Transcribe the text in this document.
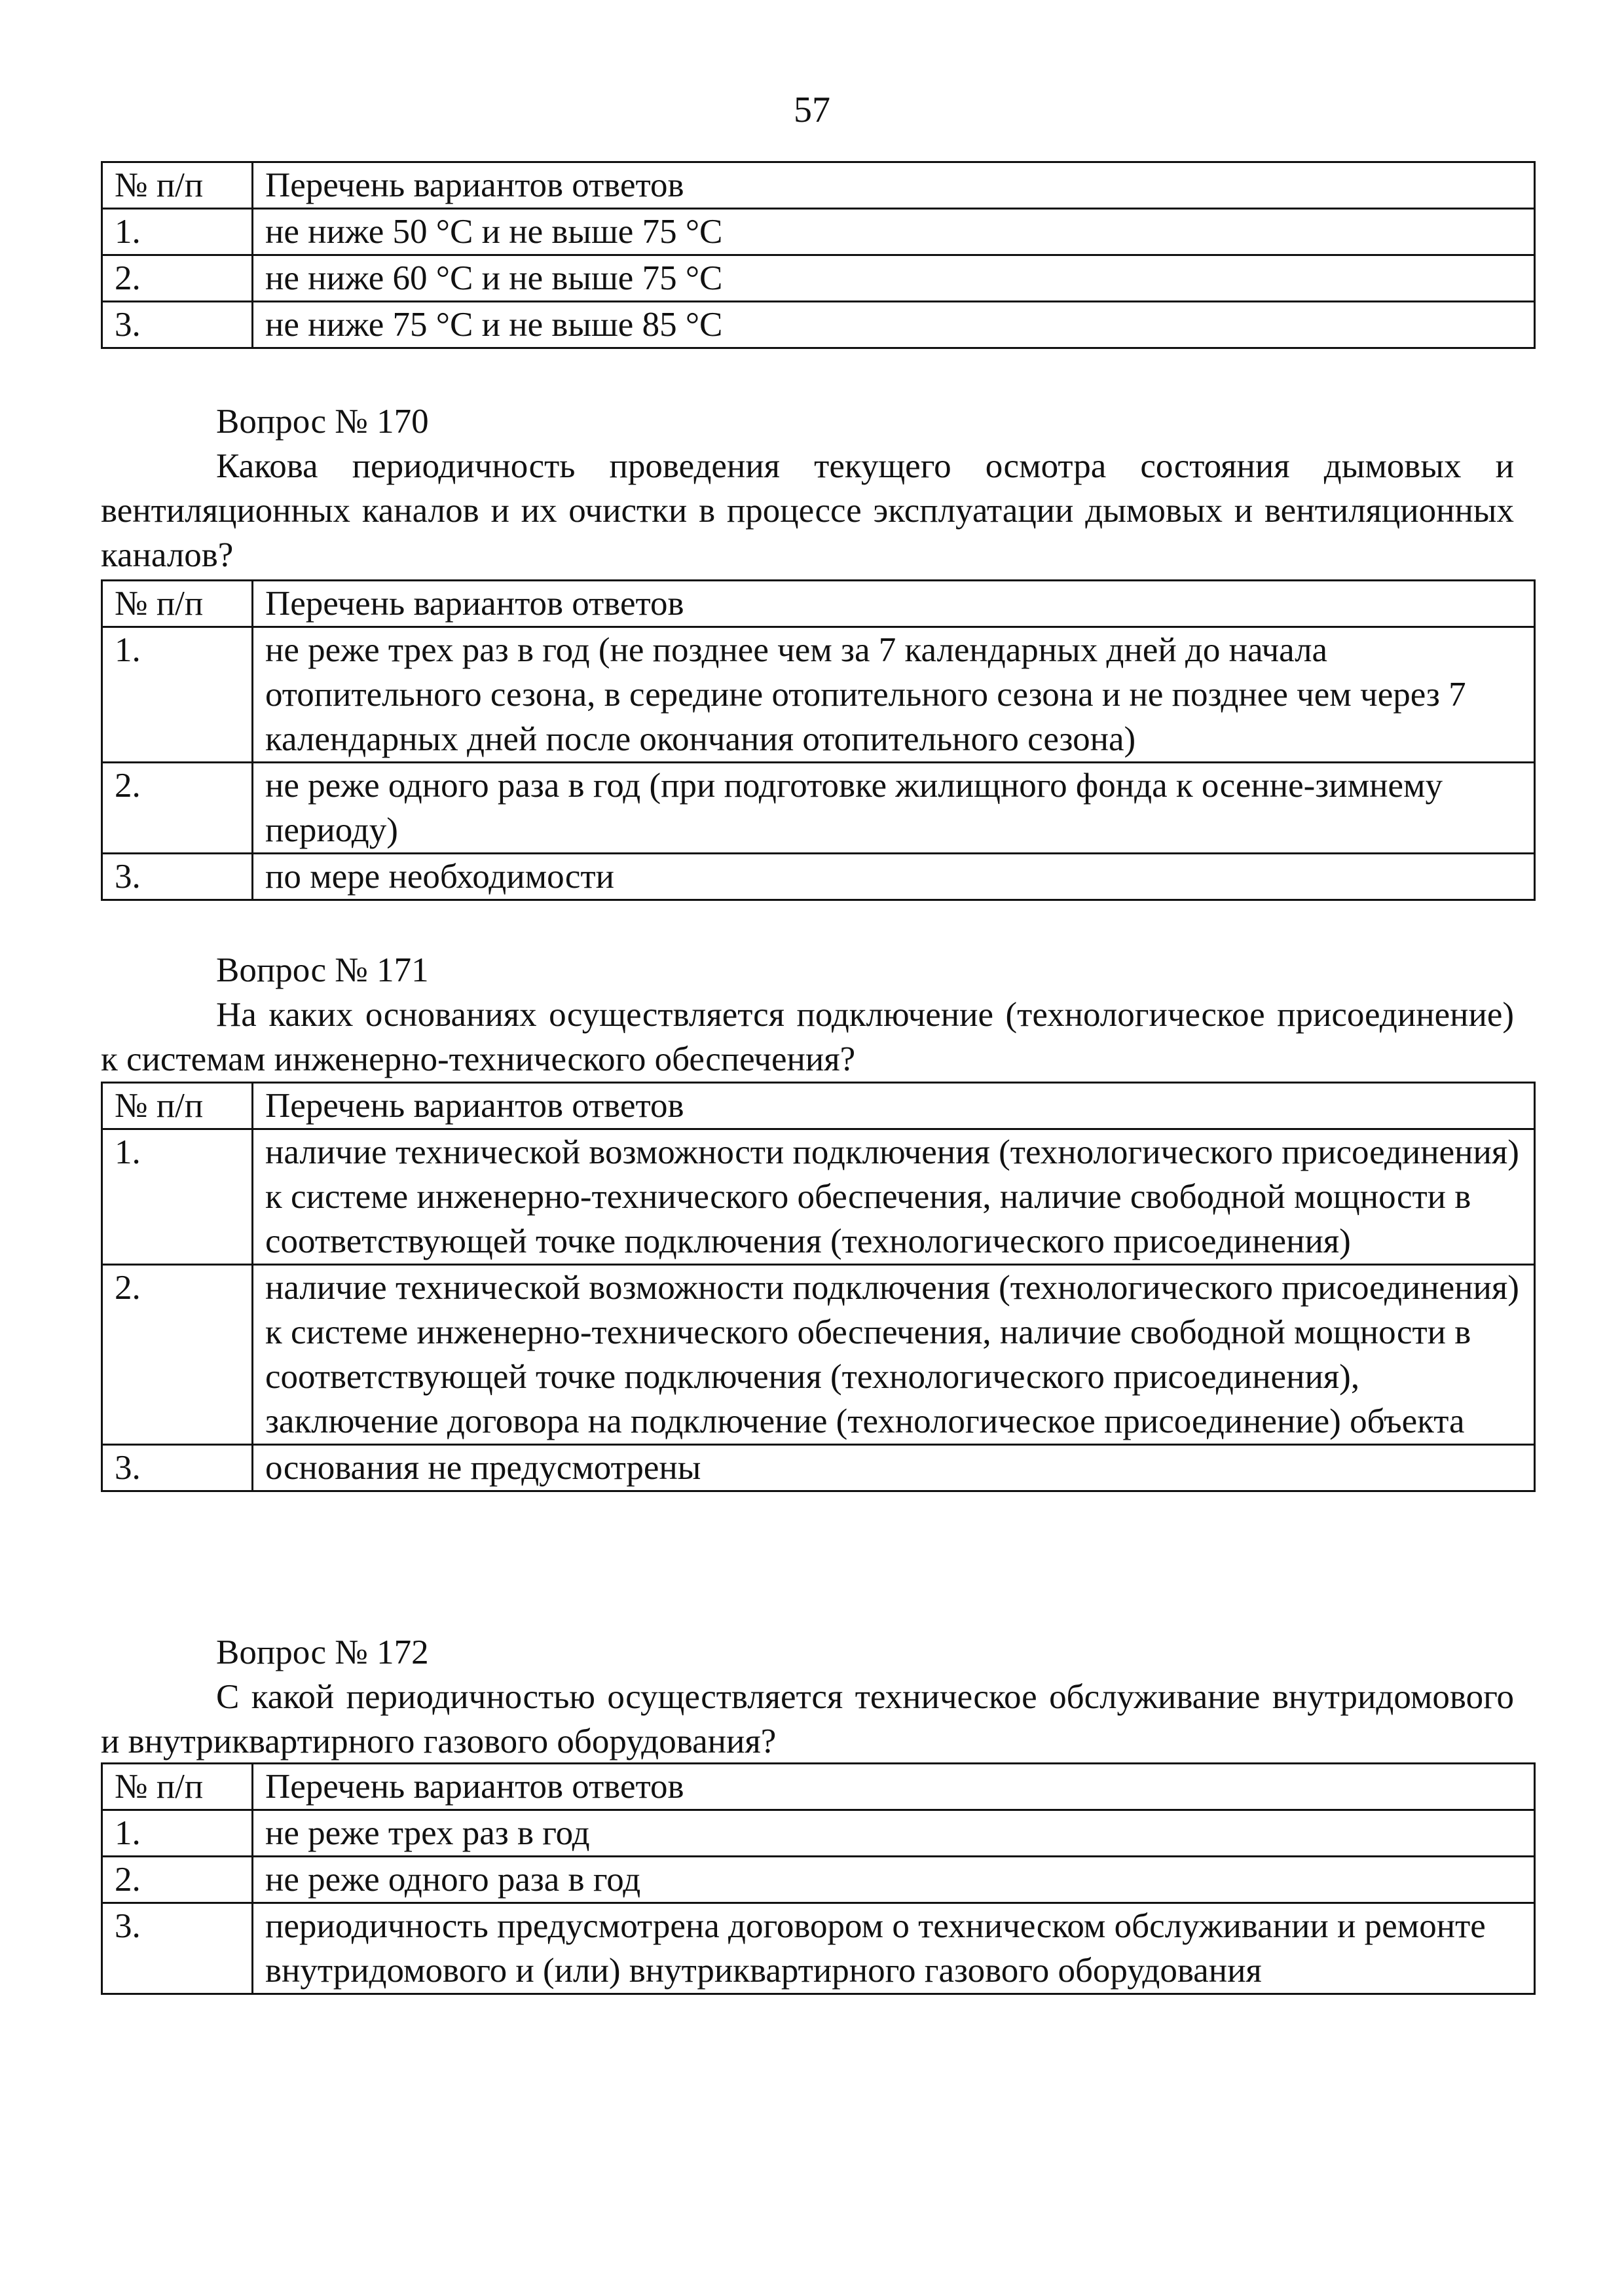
57
№ п/п	Перечень вариантов ответов
1.	не ниже 50 °С и не выше 75 °С
2.	не ниже 60 °С и не выше 75 °С
3.	не ниже 75 °С и не выше 85 °С
Вопрос № 170
Какова периодичность проведения текущего осмотра состояния дымовых и вентиляционных каналов и их очистки в процессе эксплуатации дымовых и вентиляционных каналов?
№ п/п	Перечень вариантов ответов
1.	не реже трех раз в год (не позднее чем за 7 календарных дней до начала отопительного сезона, в середине отопительного сезона и не позднее чем через 7 календарных дней после окончания отопительного сезона)
2.	не реже одного раза в год (при подготовке жилищного фонда к осенне-зимнему периоду)
3.	по мере необходимости
Вопрос № 171
На каких основаниях осуществляется подключение (технологическое присоединение) к системам инженерно-технического обеспечения?
№ п/п	Перечень вариантов ответов
1.	наличие технической возможности подключения (технологического присоединения) к системе инженерно-технического обеспечения, наличие свободной мощности в соответствующей точке подключения (технологического присоединения)
2.	наличие технической возможности подключения (технологического присоединения) к системе инженерно-технического обеспечения, наличие свободной мощности в соответствующей точке подключения (технологического присоединения), заключение договора на подключение (технологическое присоединение) объекта
3.	основания не предусмотрены
Вопрос № 172
С какой периодичностью осуществляется техническое обслуживание внутридомового и внутриквартирного газового оборудования?
№ п/п	Перечень вариантов ответов
1.	не реже трех раз в год
2.	не реже одного раза в год
3.	периодичность предусмотрена договором о техническом обслуживании и ремонте внутридомового и (или) внутриквартирного газового оборудования
